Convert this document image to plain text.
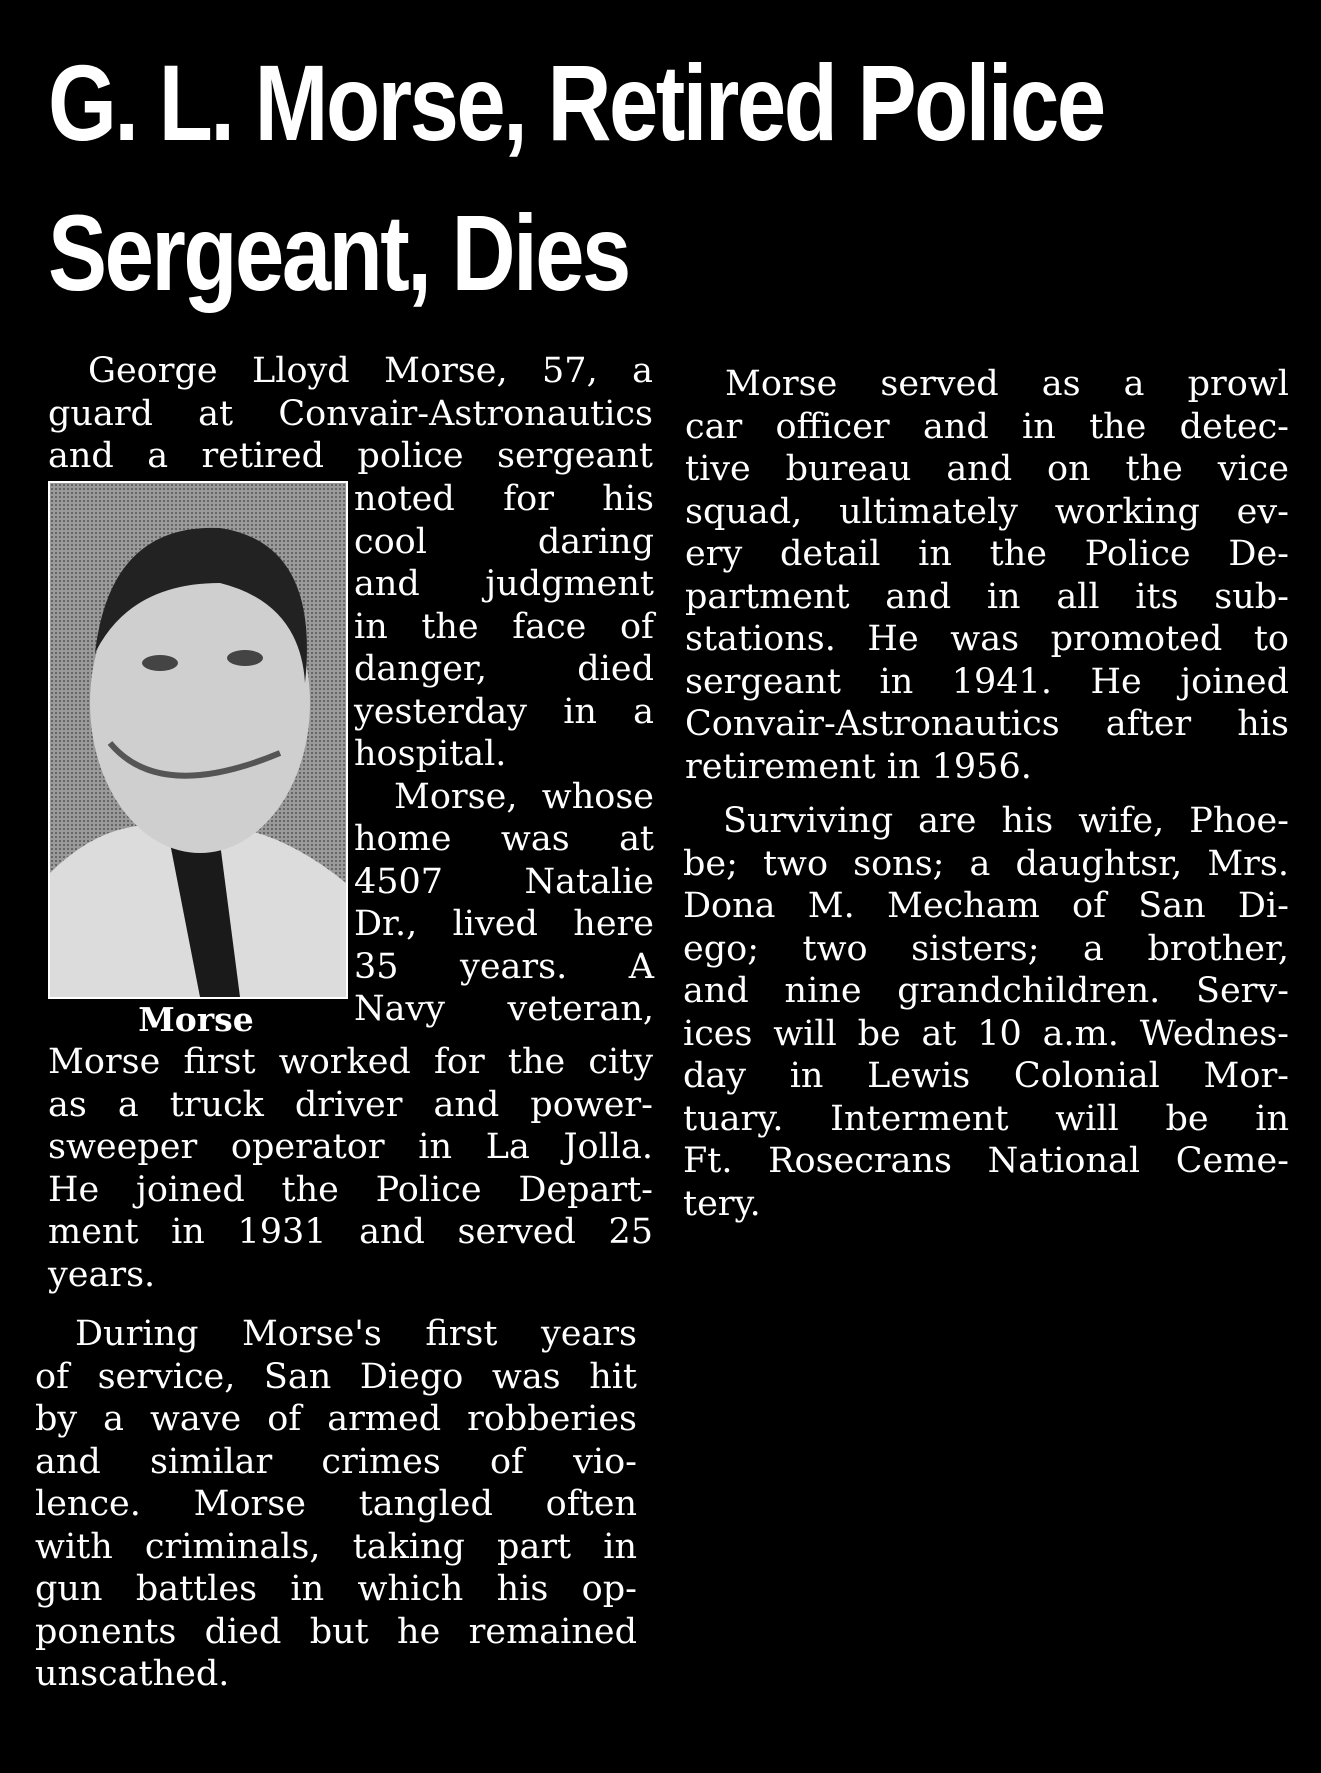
G. L. Morse, Retired Police
Sergeant, Dies
George Lloyd Morse, 57, a
guard at Convair-Astronautics
and a retired police sergeant
Morse
noted for his
cool daring
and judgment
in the face of
danger, died
yesterday in a
hospital.
Morse, whose
home was at
4507 Natalie
Dr., lived here
35 years. A
Navy veteran,
Morse first worked for the city
as a truck driver and power-
sweeper operator in La Jolla.
He joined the Police Depart-
ment in 1931 and served 25
years.
During Morse's first years
of service, San Diego was hit
by a wave of armed robberies
and similar crimes of vio-
lence. Morse tangled often
with criminals, taking part in
gun battles in which his op-
ponents died but he remained
unscathed.
Morse served as a prowl
car officer and in the detec-
tive bureau and on the vice
squad, ultimately working ev-
ery detail in the Police De-
partment and in all its sub-
stations. He was promoted to
sergeant in 1941. He joined
Convair-Astronautics after his
retirement in 1956.
Surviving are his wife, Phoe-
be; two sons; a daughtsr, Mrs.
Dona M. Mecham of San Di-
ego; two sisters; a brother,
and nine grandchildren. Serv-
ices will be at 10 a.m. Wednes-
day in Lewis Colonial Mor-
tuary. Interment will be in
Ft. Rosecrans National Ceme-
tery.
